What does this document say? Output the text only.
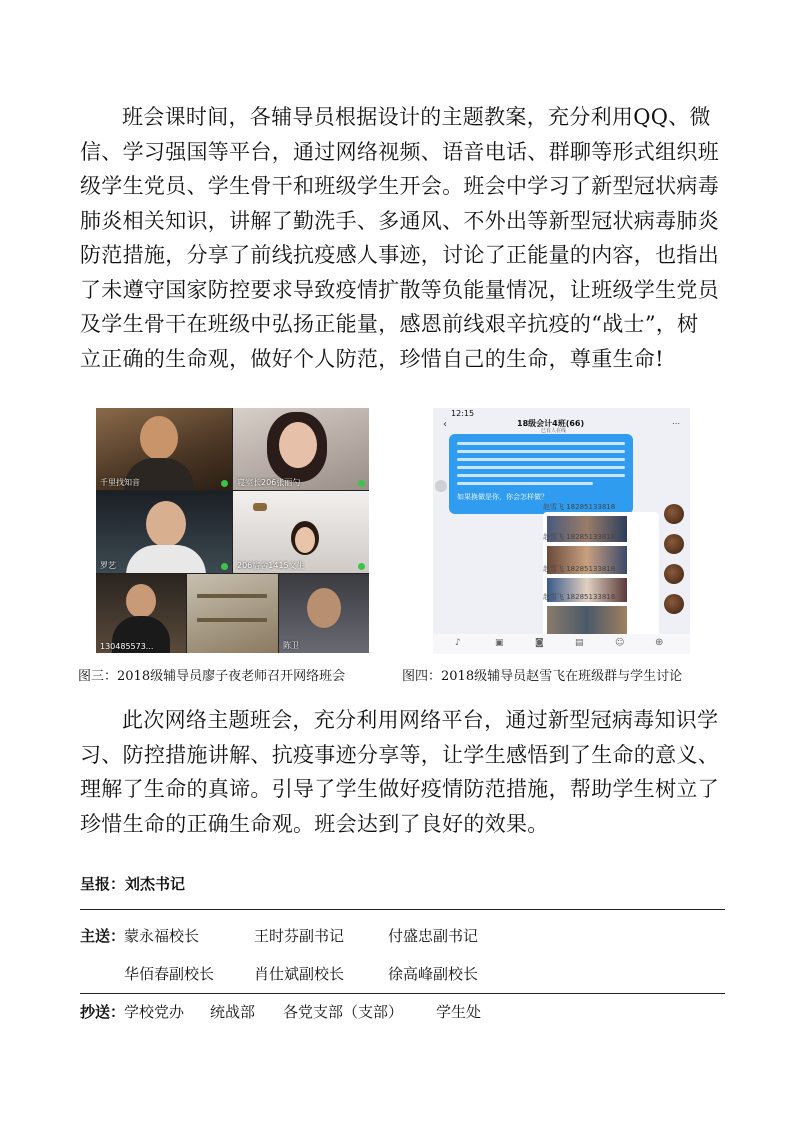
班会课时间，各辅导员根据设计的主题教案，充分利用QQ、微
信、学习强国等平台，通过网络视频、语音电话、群聊等形式组织班
级学生党员、学生骨干和班级学生开会。班会中学习了新型冠状病毒
肺炎相关知识，讲解了勤洗手、多通风、不外出等新型冠状病毒肺炎
防范措施，分享了前线抗疫感人事迹，讨论了正能量的内容，也指出
了未遵守国家防控要求导致疫情扩散等负能量情况，让班级学生党员
及学生骨干在班级中弘扬正能量，感恩前线艰辛抗疫的“战士”，树
立正确的生命观，做好个人防范，珍惜自己的生命，尊重生命!
千里找知音	寝室长206张丽勺
罗艺	206宿舍1415文生
130485573...	陈卫
12:15
‹	18级会计4班(66)
已有人在线
⋯
如果换做是你，你会怎样做？
赵雪飞 18285133818
赵雪飞 18285133818
赵雪飞 18285133818
赵雪飞 18285133818
♪	▣	◙	▤	☺	⊕
图三：2018级辅导员廖子夜老师召开网络班会	图四：2018级辅导员赵雪飞在班级群与学生讨论
此次网络主题班会，充分利用网络平台，通过新型冠病毒知识学
习、防控措施讲解、抗疫事迹分享等，让学生感悟到了生命的意义、
理解了生命的真谛。引导了学生做好疫情防范措施，帮助学生树立了
珍惜生命的正确生命观。班会达到了良好的效果。
呈报：刘杰书记
主送：
蒙永福校长	王时芬副书记	付盛忠副书记
华佰春副校长	肖仕斌副校长	徐高峰副校长
抄送：
学校党办 统战部 各党支部（支部） 学生处
